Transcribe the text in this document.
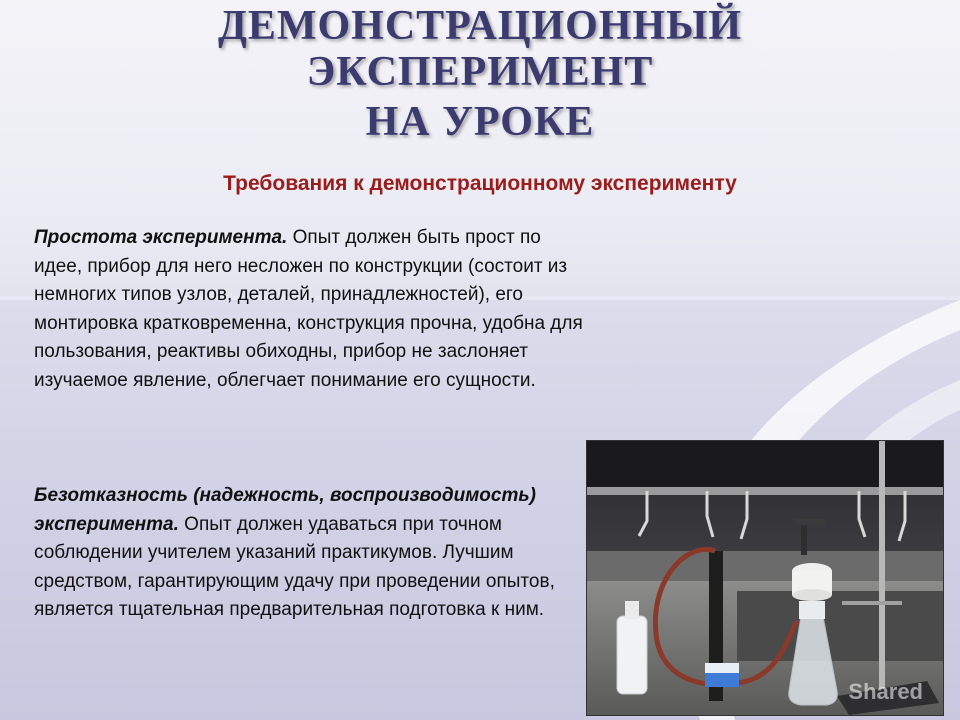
ДЕМОНСТРАЦИОННЫЙ
ЭКСПЕРИМЕНТ
НА УРОКЕ
Требования к демонстрационному эксперименту
Простота эксперимента. Опыт должен быть прост по идее, прибор для него несложен по конструкции (состоит из немногих типов узлов, деталей, принадлежностей), его монтировка кратковременна, конструкция прочна, удобна для пользования, реактивы обиходны, прибор не заслоняет изучаемое явление, облегчает понимание его сущности.
Безотказность (надежность, воспроизводимость) эксперимента. Опыт должен удаваться при точном соблюдении учителем указаний практикумов. Лучшим средством, гарантирующим удачу при проведении опытов, является тщательная предварительная подготовка к ним.
Shared
